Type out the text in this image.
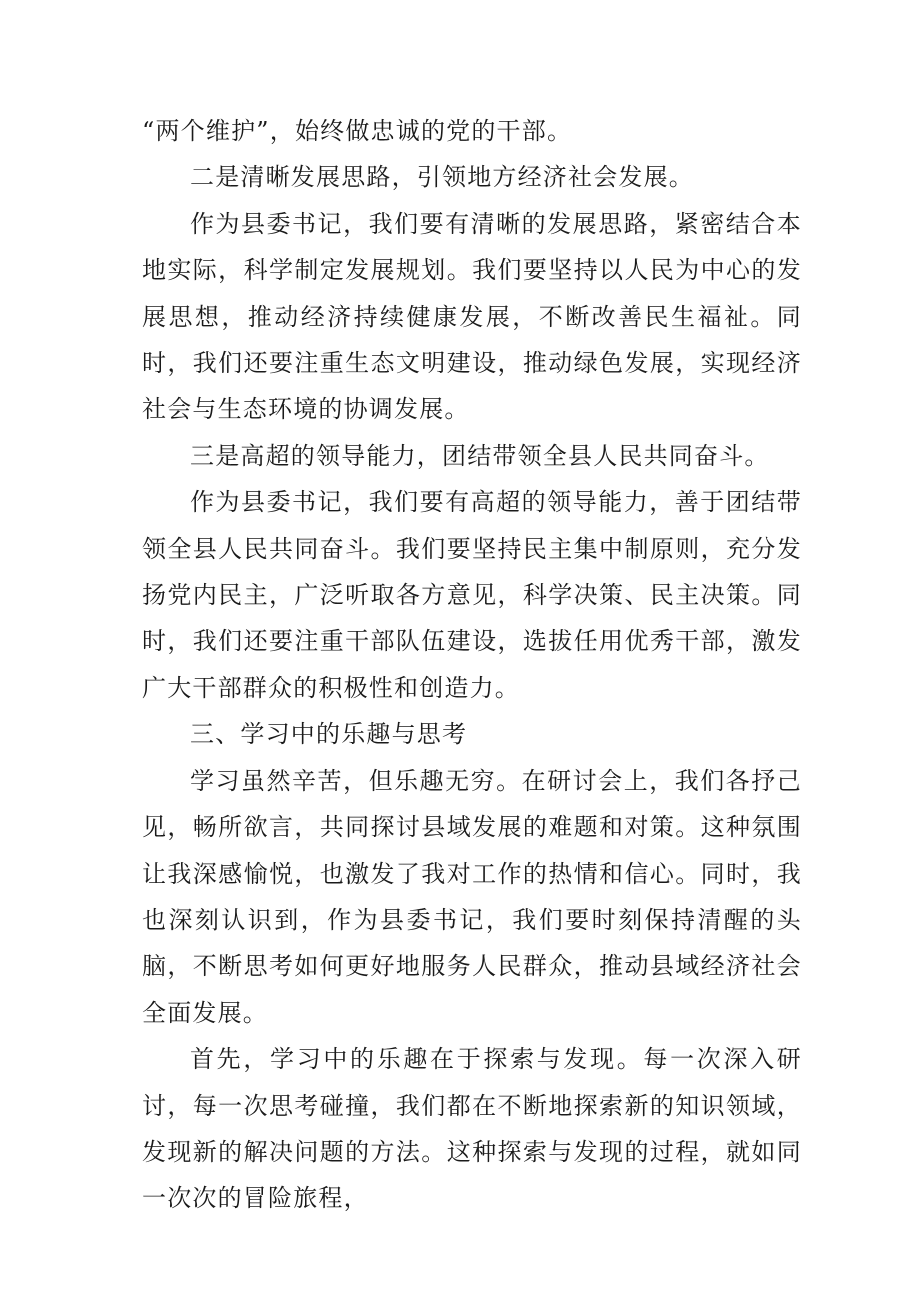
“两个维护”，始终做忠诚的党的干部。

二是清晰发展思路，引领地方经济社会发展。

作为县委书记，我们要有清晰的发展思路，紧密结合本地实际，科学制定发展规划。我们要坚持以人民为中心的发展思想，推动经济持续健康发展，不断改善民生福祉。同时，我们还要注重生态文明建设，推动绿色发展，实现经济社会与生态环境的协调发展。

三是高超的领导能力，团结带领全县人民共同奋斗。

作为县委书记，我们要有高超的领导能力，善于团结带领全县人民共同奋斗。我们要坚持民主集中制原则，充分发扬党内民主，广泛听取各方意见，科学决策、民主决策。同时，我们还要注重干部队伍建设，选拔任用优秀干部，激发广大干部群众的积极性和创造力。

三、学习中的乐趣与思考

学习虽然辛苦，但乐趣无穷。在研讨会上，我们各抒己见，畅所欲言，共同探讨县域发展的难题和对策。这种氛围让我深感愉悦，也激发了我对工作的热情和信心。同时，我也深刻认识到，作为县委书记，我们要时刻保持清醒的头脑，不断思考如何更好地服务人民群众，推动县域经济社会全面发展。

首先，学习中的乐趣在于探索与发现。每一次深入研讨，每一次思考碰撞，我们都在不断地探索新的知识领域，发现新的解决问题的方法。这种探索与发现的过程，就如同一次次的冒险旅程，
